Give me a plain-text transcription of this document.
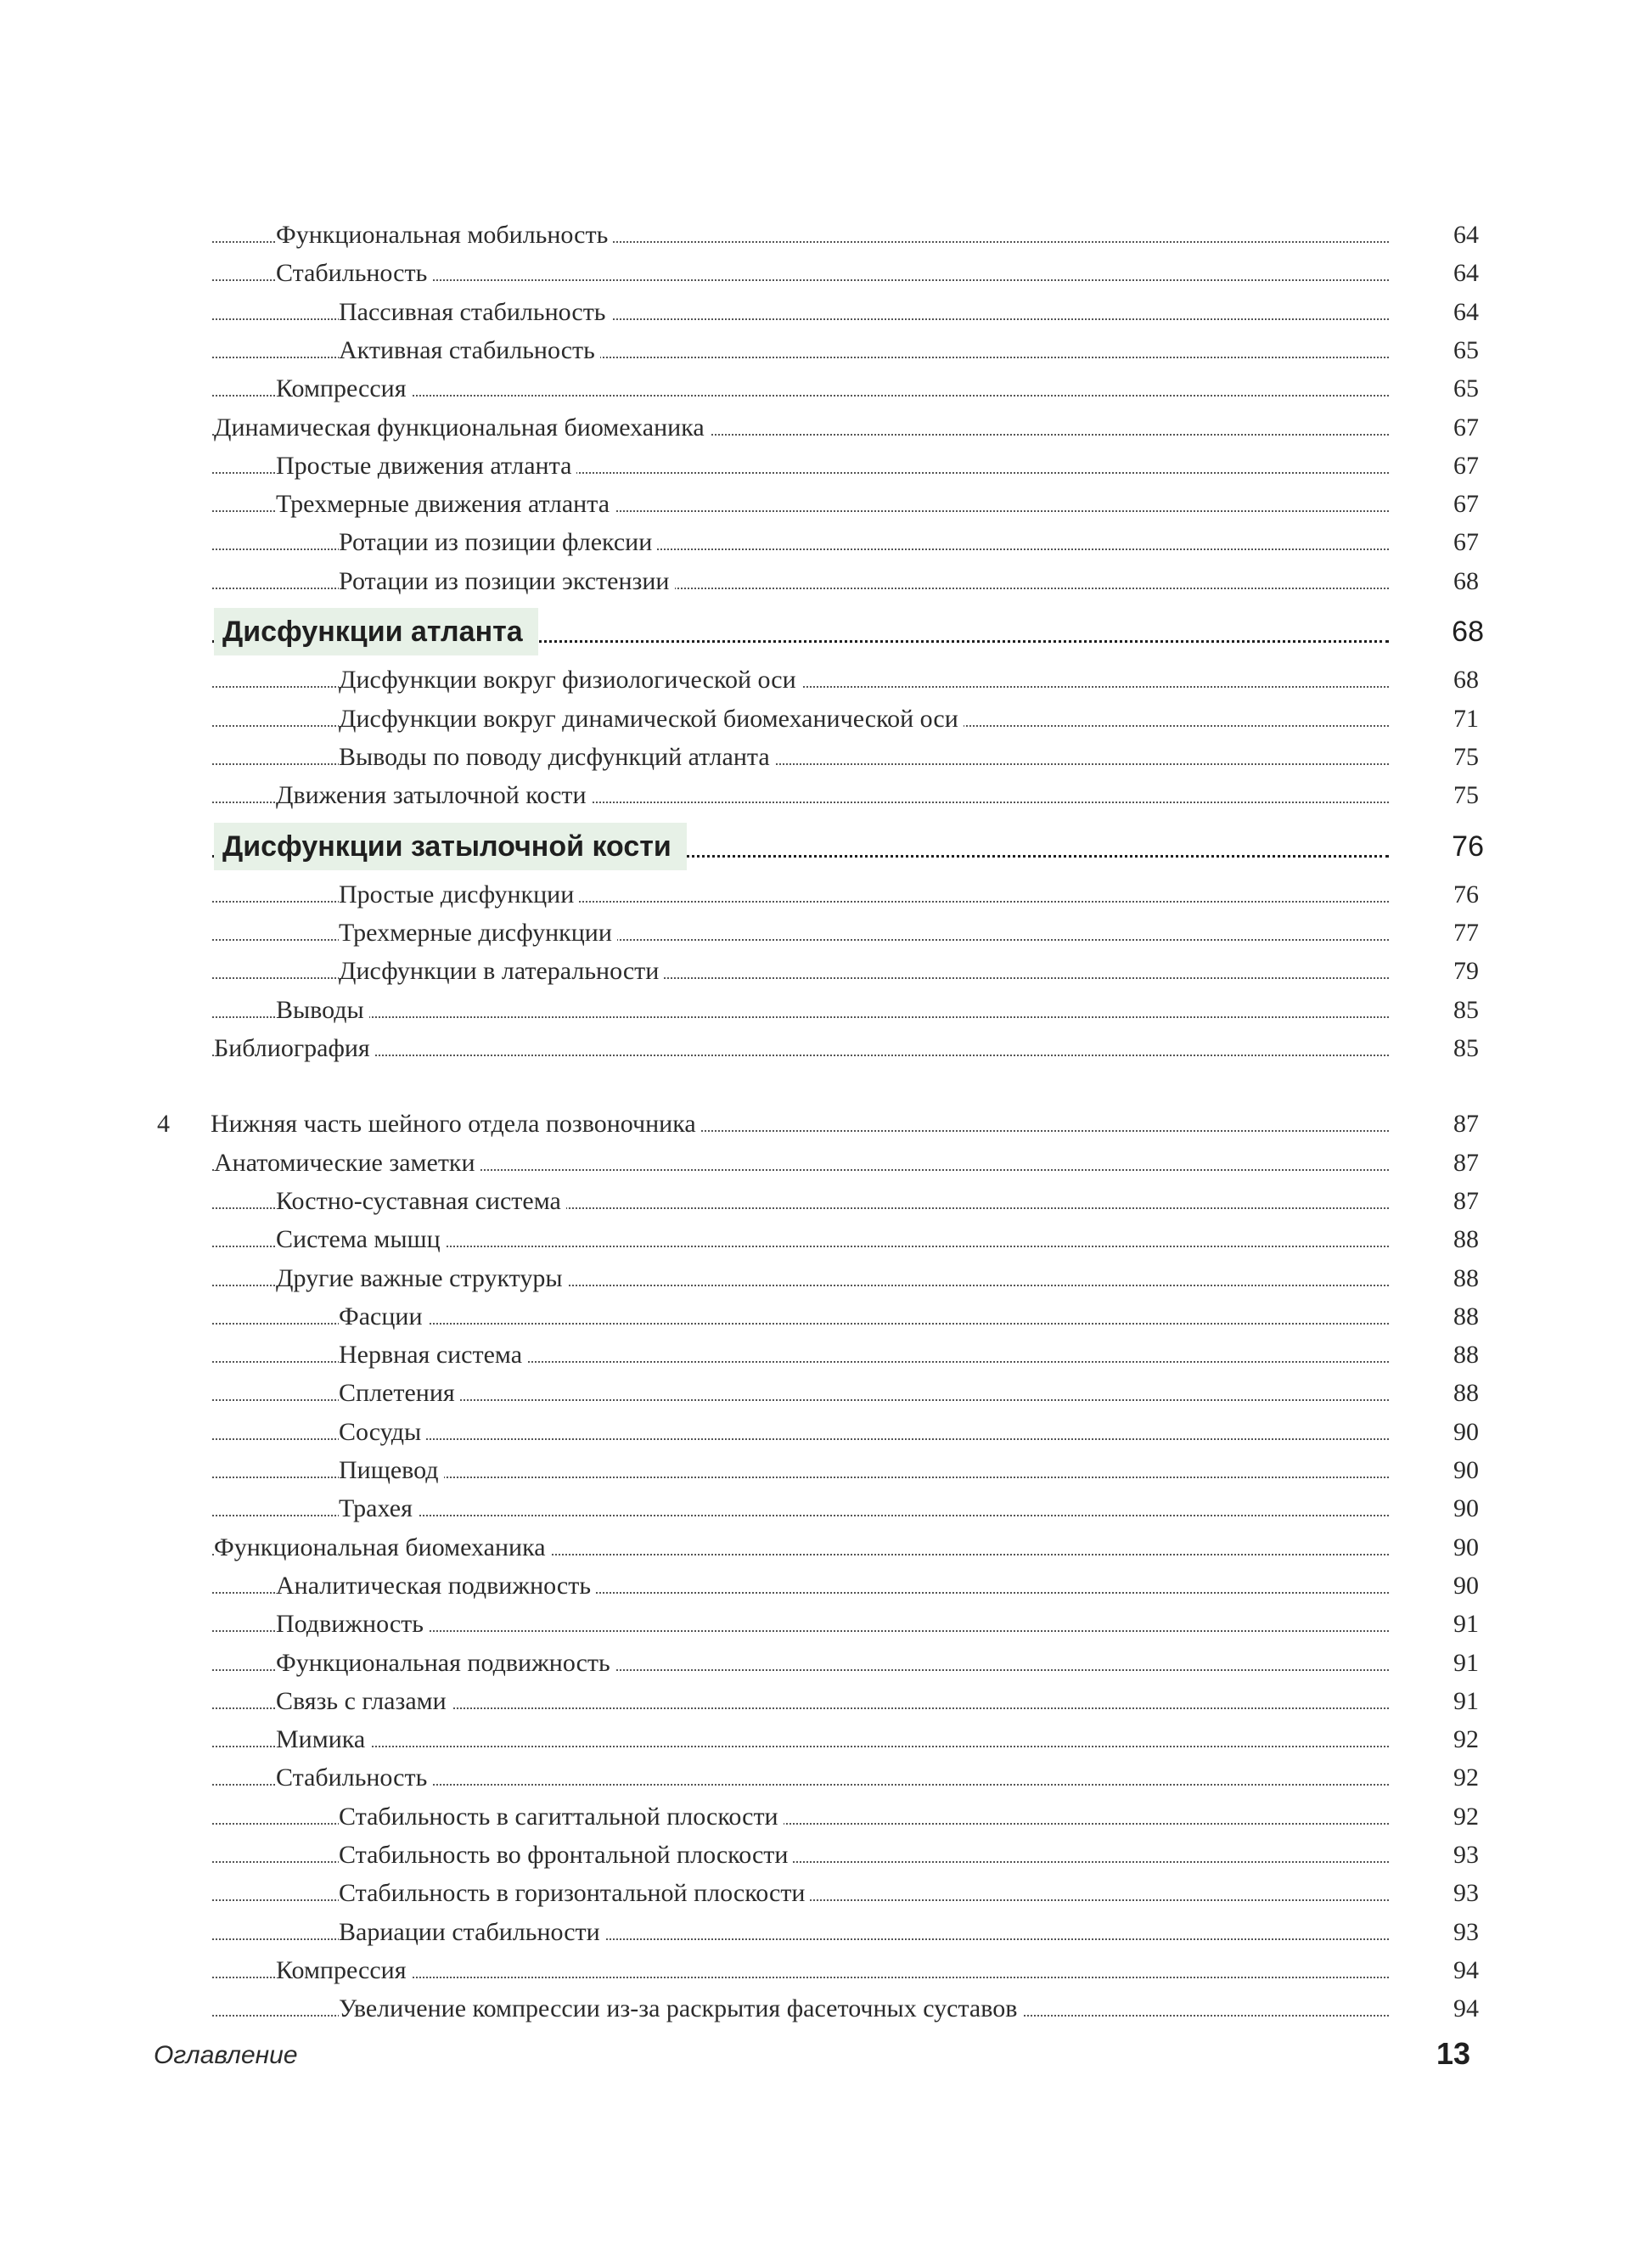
Функциональная мобильность	64
Стабильность	64
Пассивная стабильность	64
Активная стабильность	65
Компрессия	65
Динамическая функциональная биомеханика	67
Простые движения атланта	67
Трехмерные движения атланта	67
Ротации из позиции флексии	67
Ротации из позиции экстензии	68
Дисфункции атланта	68
Дисфункции вокруг физиологической оси	68
Дисфункции вокруг динамической биомеханической оси	71
Выводы по поводу дисфункций атланта	75
Движения затылочной кости	75
Дисфункции затылочной кости	76
Простые дисфункции	76
Трехмерные дисфункции	77
Дисфункции в латеральности	79
Выводы	85
Библиография	85
4 Нижняя часть шейного отдела позвоночника	87
Анатомические заметки	87
Костно-суставная система	87
Система мышц	88
Другие важные структуры	88
Фасции	88
Нервная система	88
Сплетения	88
Сосуды	90
Пищевод	90
Трахея	90
Функциональная биомеханика	90
Аналитическая подвижность	90
Подвижность	91
Функциональная подвижность	91
Связь с глазами	91
Мимика	92
Стабильность	92
Стабильность в сагиттальной плоскости	92
Стабильность во фронтальной плоскости	93
Стабильность в горизонтальной плоскости	93
Вариации стабильности	93
Компрессия	94
Увеличение компрессии из-за раскрытия фасеточных суставов	94
Оглавление	13
